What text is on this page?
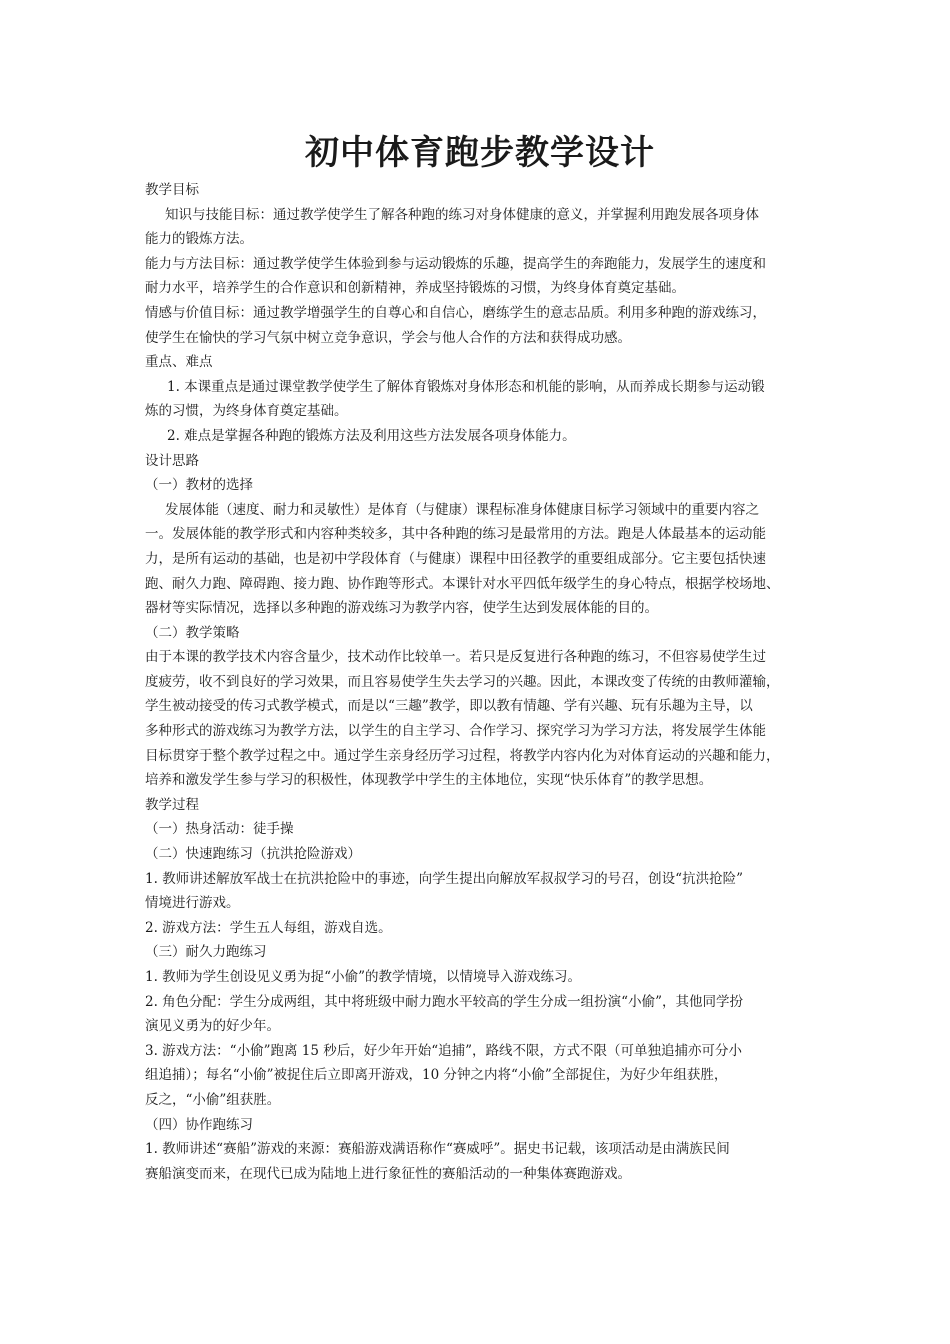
初中体育跑步教学设计

教学目标

知识与技能目标：通过教学使学生了解各种跑的练习对身体健康的意义，并掌握利用跑发展各项身体

能力的锻炼方法。

能力与方法目标：通过教学使学生体验到参与运动锻炼的乐趣，提高学生的奔跑能力，发展学生的速度和

耐力水平，培养学生的合作意识和创新精神，养成坚持锻炼的习惯，为终身体育奠定基础。

情感与价值目标：通过教学增强学生的自尊心和自信心，磨练学生的意志品质。利用多种跑的游戏练习，

使学生在愉快的学习气氛中树立竞争意识，学会与他人合作的方法和获得成功感。

重点、难点

1. 本课重点是通过课堂教学使学生了解体育锻炼对身体形态和机能的影响，从而养成长期参与运动锻

炼的习惯，为终身体育奠定基础。

2. 难点是掌握各种跑的锻炼方法及利用这些方法发展各项身体能力。

设计思路

（一）教材的选择

发展体能（速度、耐力和灵敏性）是体育（与健康）课程标准身体健康目标学习领域中的重要内容之

一。发展体能的教学形式和内容种类较多，其中各种跑的练习是最常用的方法。跑是人体最基本的运动能

力，是所有运动的基础，也是初中学段体育（与健康）课程中田径教学的重要组成部分。它主要包括快速

跑、耐久力跑、障碍跑、接力跑、协作跑等形式。本课针对水平四低年级学生的身心特点，根据学校场地、

器材等实际情况，选择以多种跑的游戏练习为教学内容，使学生达到发展体能的目的。

（二）教学策略

由于本课的教学技术内容含量少，技术动作比较单一。若只是反复进行各种跑的练习，不但容易使学生过

度疲劳，收不到良好的学习效果，而且容易使学生失去学习的兴趣。因此，本课改变了传统的由教师灌输，

学生被动接受的传习式教学模式，而是以“三趣”教学，即以教有情趣、学有兴趣、玩有乐趣为主导，以

多种形式的游戏练习为教学方法，以学生的自主学习、合作学习、探究学习为学习方法，将发展学生体能

目标贯穿于整个教学过程之中。通过学生亲身经历学习过程，将教学内容内化为对体育运动的兴趣和能力，

培养和激发学生参与学习的积极性，体现教学中学生的主体地位，实现“快乐体育”的教学思想。

教学过程

（一）热身活动：徒手操

（二）快速跑练习（抗洪抢险游戏）

1. 教师讲述解放军战士在抗洪抢险中的事迹，向学生提出向解放军叔叔学习的号召，创设“抗洪抢险”

情境进行游戏。

2. 游戏方法：学生五人每组，游戏自选。

（三）耐久力跑练习

1. 教师为学生创设见义勇为捉“小偷”的教学情境，以情境导入游戏练习。

2. 角色分配：学生分成两组，其中将班级中耐力跑水平较高的学生分成一组扮演“小偷”，其他同学扮

演见义勇为的好少年。

3. 游戏方法：“小偷”跑离 15 秒后，好少年开始“追捕”，路线不限，方式不限（可单独追捕亦可分小

组追捕）；每名“小偷”被捉住后立即离开游戏，10 分钟之内将“小偷”全部捉住，为好少年组获胜，

反之，“小偷”组获胜。

（四）协作跑练习

1. 教师讲述“赛船”游戏的来源：赛船游戏满语称作“赛威呼”。据史书记载，该项活动是由满族民间

赛船演变而来，在现代已成为陆地上进行象征性的赛船活动的一种集体赛跑游戏。
